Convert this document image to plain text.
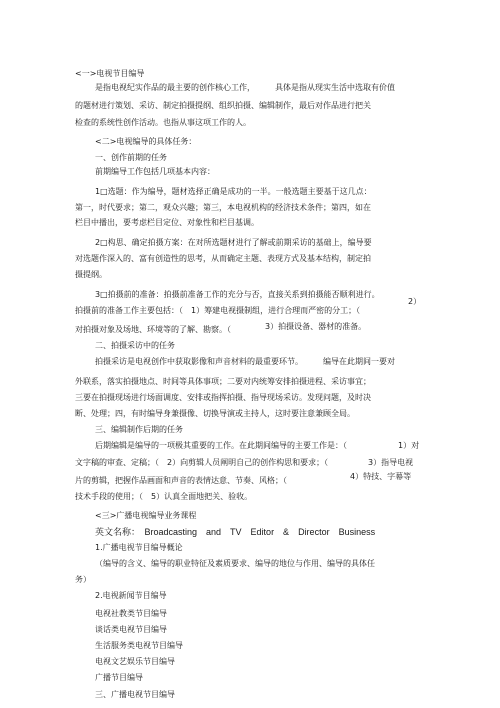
<一>电视节目编导
是指电视纪实作品的最主要的创作核心工作，　　　具体是指从现实生活中选取有价值
的题材进行策划、采访、制定拍摄提纲、组织拍摄、编辑制作，最后对作品进行把关
检查的系统性创作活动。也指从事这项工作的人。
<二>电视编导的具体任务：
一、创作前期的任务
前期编导工作包括几项基本内容：
1□选题：作为编导，题材选择正确是成功的一半。一般选题主要基于这几点：
第一，时代要求；第二，观众兴趣；第三，本电视机构的经济技术条件；第四，如在
栏目中播出，要考虑栏目定位、对象性和栏目基调。
2□构思、确定拍摄方案：在对所选题材进行了解或前期采访的基础上，编导要
对选题作深入的、富有创造性的思考，从而确定主题、表现方式及基本结构，制定拍
摄提纲。
3□拍摄前的准备：拍摄前准备工作的充分与否，直接关系到拍摄能否顺利进行。
2）
拍摄前的准备工作主要包括：（　1）筹建电视摄制组，进行合理而严密的分工；（
对拍摄对象及场地、环境等的了解、勘察。（	3）拍摄设备、器材的准备。
二、拍摄采访中的任务
拍摄采访是电视创作中获取影像和声音材料的最重要环节。　　　编导在此期间一要对
外联系，落实拍摄地点、时间等具体事项；二要对内统筹安排拍摄进程、采访事宜；
三要在拍摄现场进行场面调度、安排或指挥拍摄、指导现场采访。发现问题，及时决
断、处理；四，有时编导身兼摄像、切换导演或主持人，这时要注意兼顾全局。
三、编辑制作后期的任务
后期编辑是编导的一项极其重要的工作。在此期间编导的主要工作是：（	1）对
文字稿的审查、定稿；（　2）向剪辑人员阐明自己的创作构思和要求；（	3）指导电视
片的剪辑，把握作品画面和声音的表情达意、节奏、风格；（	4）特技、字幕等
技术手段的使用；（　5）认真全面地把关、验收。
<三>广播电视编导业务课程
英文名称：　Broadcasting　and　TV　Editor　&　Director　Business
1.广播电视节目编导概论
（编导的含义、编导的职业特征及素质要求、编导的地位与作用、编导的具体任
务）
2.电视新闻节目编导
电视社教类节目编导
谈话类电视节目编导
生活服务类电视节目编导
电视文艺娱乐节目编导
广播节目编导
三、广播电视节目编导
